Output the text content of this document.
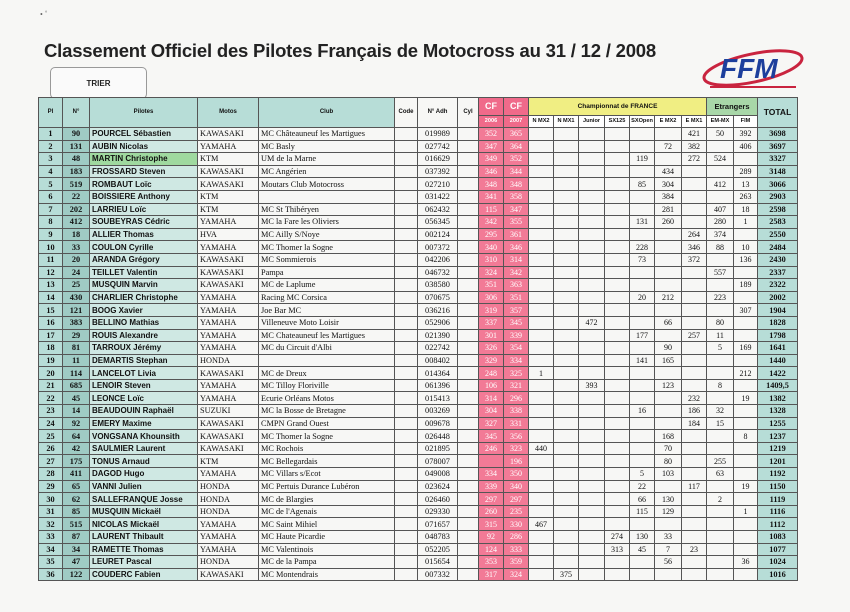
• ˚
Classement Officiel des Pilotes Français de Motocross au 31 / 12 / 2008
TRIER	FFM
Pl	N°	Pilotes	Motos	Club	Code	N° Adh	Cyl	CF	CF	Championnat de FRANCE							Etrangers		TOTAL
								2006	2007	N MX2	N MX1	Junior	SX125	SXOpen	E MX2	E MX1	EM-MX	FIM	
1	90	POURCEL Sébastien	KAWASAKI	MC Châteauneuf les Martigues		019989		352	365							421	50	392	3698
2	131	AUBIN Nicolas	YAMAHA	MC Basly		027742		347	364						72	382		406	3697
3	48	MARTIN Christophe	KTM	UM de la Marne		016629		349	352					119		272	524		3327
4	183	FROSSARD Steven	KAWASAKI	MC Angérien		037392		346	344						434			289	3148
5	519	ROMBAUT Loïc	KAWASAKI	Moutars Club Motocross		027210		348	348					85	304		412	13	3066
6	22	BOISSIERE Anthony	KTM			031422		341	358						384			263	2903
7	202	LARRIEU Loïc	KTM	MC St Thibéryen		062432		115	347						281		407	18	2598
8	412	SOUBEYRAS Cédric	YAMAHA	MC la Fare les Oliviers		056345		342	355					131	260		280	1	2583
9	18	ALLIER Thomas	HVA	MC Ailly S/Noye		002124		295	361							264	374		2550
10	33	COULON Cyrille	YAMAHA	MC Thomer la Sogne		007372		340	346					228		346	88	10	2484
11	20	ARANDA Grégory	KAWASAKI	MC Sommierois		042206		310	314					73		372		136	2430
12	24	TEILLET Valentin	KAWASAKI	Pampa		046732		324	342								557		2337
13	25	MUSQUIN Marvin	KAWASAKI	MC de Laplume		038580		351	363									189	2322
14	430	CHARLIER Christophe	YAMAHA	Racing MC Corsica		070675		306	351					20	212		223		2002
15	121	BOOG Xavier	YAMAHA	Joe Bar MC		036216		319	357									307	1904
16	383	BELLINO Mathias	YAMAHA	Villeneuve Moto Loisir		052906		337	345			472			66		80		1828
17	29	ROUIS Alexandre	YAMAHA	MC Chateauneuf les Martigues		021390		301	339					177		257	11		1798
18	81	TARROUX Jérémy	YAMAHA	MC du Circuit d'Albi		022742		326	354						90		5	169	1641
19	11	DEMARTIS Stephan	HONDA			008402		329	334					141	165				1440
20	114	LANCELOT Livia	KAWASAKI	MC de Dreux		014364		248	325	1								212	1422
21	685	LENOIR Steven	YAMAHA	MC Tilloy Floriville		061396		106	321			393			123		8		1409,5
22	45	LEONCE Loïc	YAMAHA	Ecurie Orléans Motos		015413		314	296							232		19	1382
23	14	BEAUDOUIN Raphaël	SUZUKI	MC la Bosse de Bretagne		003269		304	338					16		186	32		1328
24	92	EMERY Maxime	KAWASAKI	CMPN Grand Ouest		009678		327	331							184	15		1255
25	64	VONGSANA Khounsith	KAWASAKI	MC Thomer la Sogne		026448		345	356						168			8	1237
26	42	SAULMIER Laurent	KAWASAKI	MC Rochois		021895		246	323	440					70				1219
27	175	TONUS Arnaud	KTM	MC Bellegardais		078007			196						80		255		1201
28	411	DAGOD Hugo	YAMAHA	MC Villars s/Ecot		049008		334	350					5	103		63		1192
29	65	VANNI Julien	HONDA	MC Pertuis Durance Lubéron		023624		339	340					22		117		19	1150
30	62	SALLEFRANQUE Josse	HONDA	MC de Blargies		026460		297	297					66	130		2		1119
31	85	MUSQUIN Mickaël	HONDA	MC de l'Agenais		029330		260	235					115	129			1	1116
32	515	NICOLAS Mickaël	YAMAHA	MC Saint Mihiel		071657		315	330	467									1112
33	87	LAURENT Thibault	YAMAHA	MC Haute Picardie		048783		92	286				274	130	33				1083
34	34	RAMETTE Thomas	YAMAHA	MC Valentinois		052205		124	333				313	45	7	23			1077
35	47	LEURET Pascal	HONDA	MC de la Pampa		015654		353	359						56			36	1024
36	122	COUDERC Fabien	KAWASAKI	MC Montendrais		007332		317	324		375								1016
